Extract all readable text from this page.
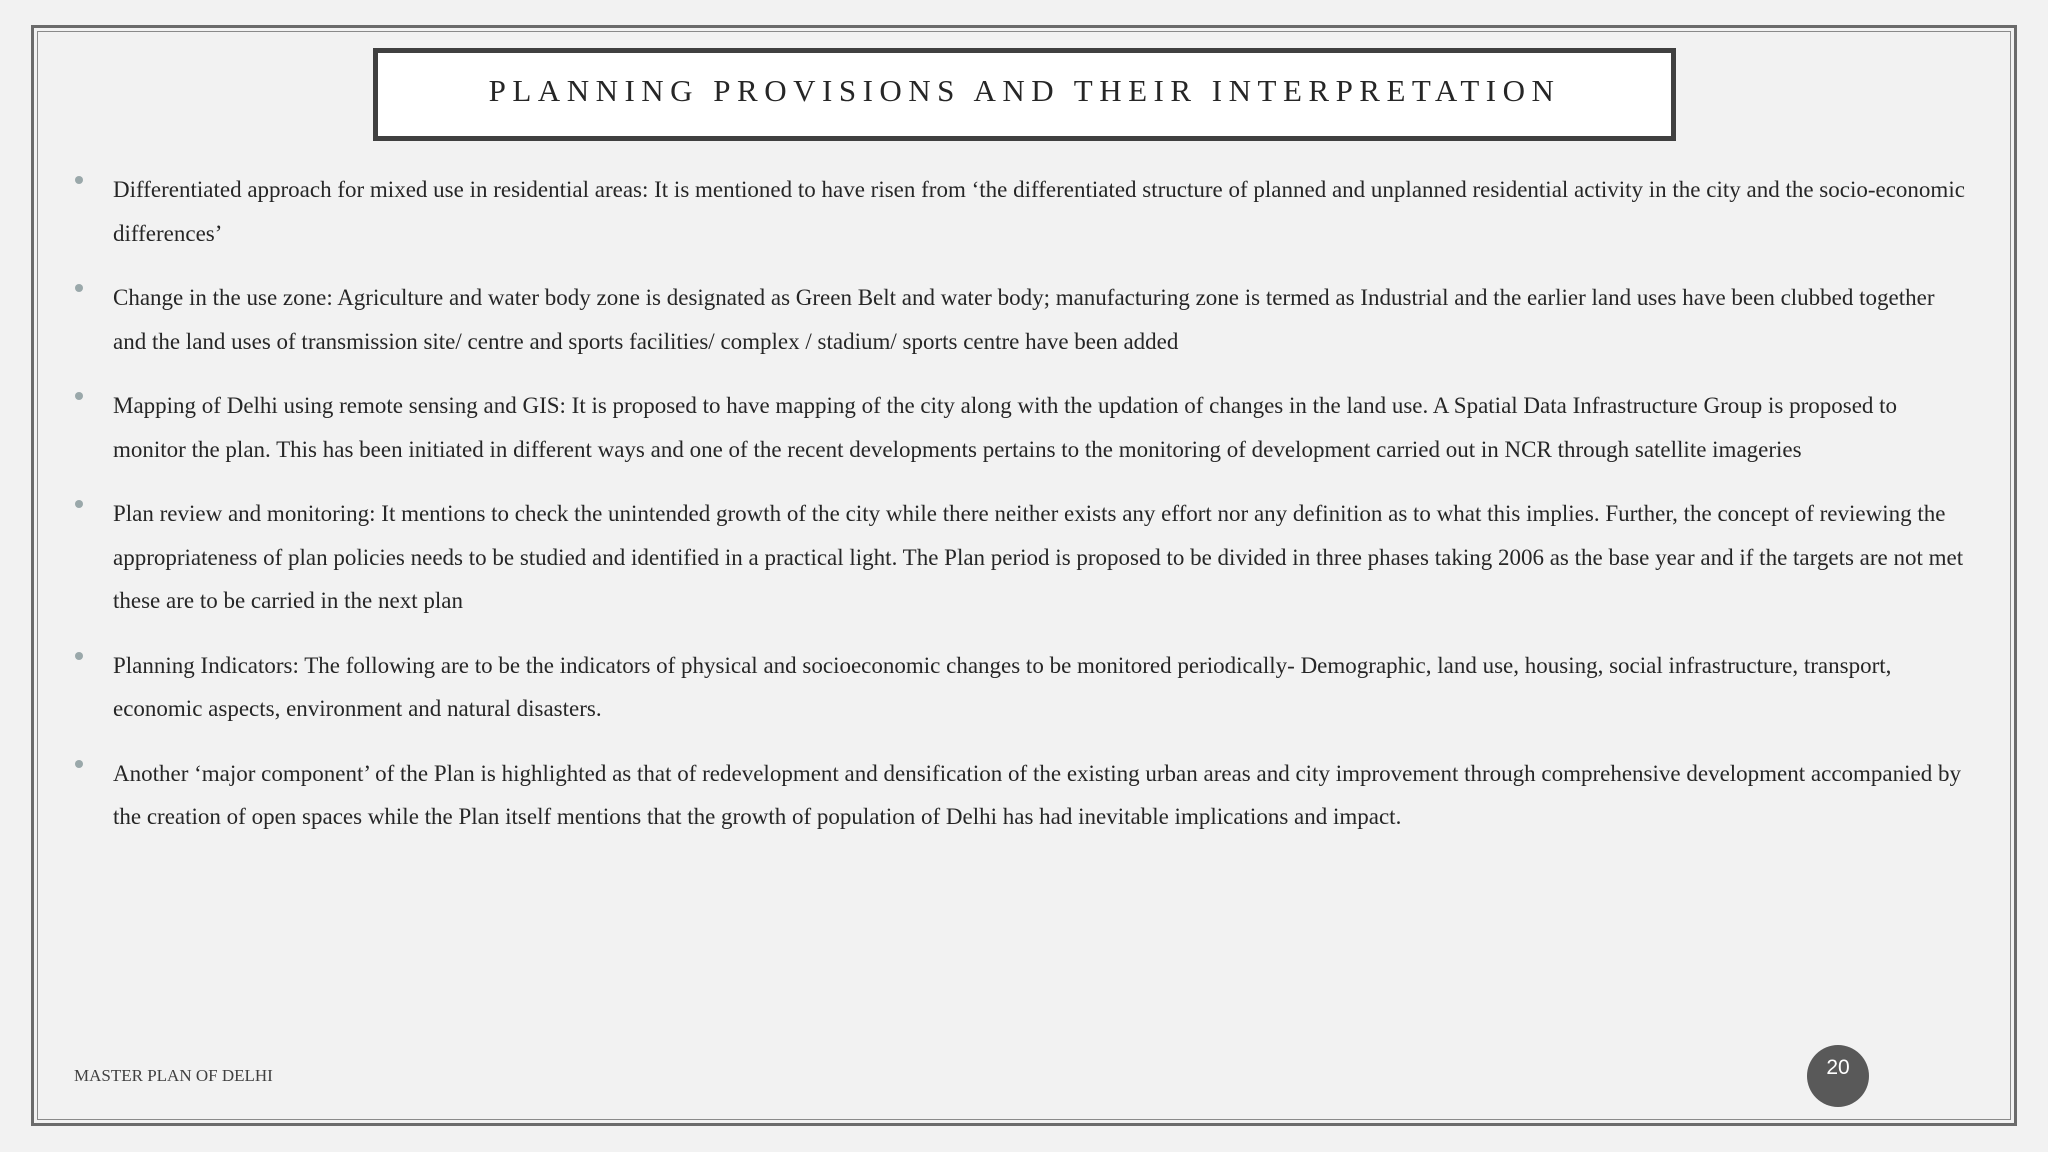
PLANNING PROVISIONS AND THEIR INTERPRETATION
Differentiated approach for mixed use in residential areas: It is mentioned to have risen from ‘the differentiated structure of planned and unplanned residential activity in the city and the socio-economic differences’
Change in the use zone: Agriculture and water body zone is designated as Green Belt and water body; manufacturing zone is termed as Industrial and the earlier land uses have been clubbed together and the land uses of transmission site/ centre and sports facilities/ complex / stadium/ sports centre have been added
Mapping of Delhi using remote sensing and GIS: It is proposed to have mapping of the city along with the updation of changes in the land use. A Spatial Data Infrastructure Group is proposed to monitor the plan. This has been initiated in different ways and one of the recent developments pertains to the monitoring of development carried out in NCR through satellite imageries
Plan review and monitoring: It mentions to check the unintended growth of the city while there neither exists any effort nor any definition as to what this implies. Further, the concept of reviewing the appropriateness of plan policies needs to be studied and identified in a practical light. The Plan period is proposed to be divided in three phases taking 2006 as the base year and if the targets are not met these are to be carried in the next plan
Planning Indicators: The following are to be the indicators of physical and socioeconomic changes to be monitored periodically- Demographic, land use, housing, social infrastructure, transport, economic aspects, environment and natural disasters.
Another ‘major component’ of the Plan is highlighted as that of redevelopment and densification of the existing urban areas and city improvement through comprehensive development accompanied by the creation of open spaces while the Plan itself mentions that the growth of population of Delhi has had inevitable implications and impact.
MASTER PLAN OF DELHI	20
